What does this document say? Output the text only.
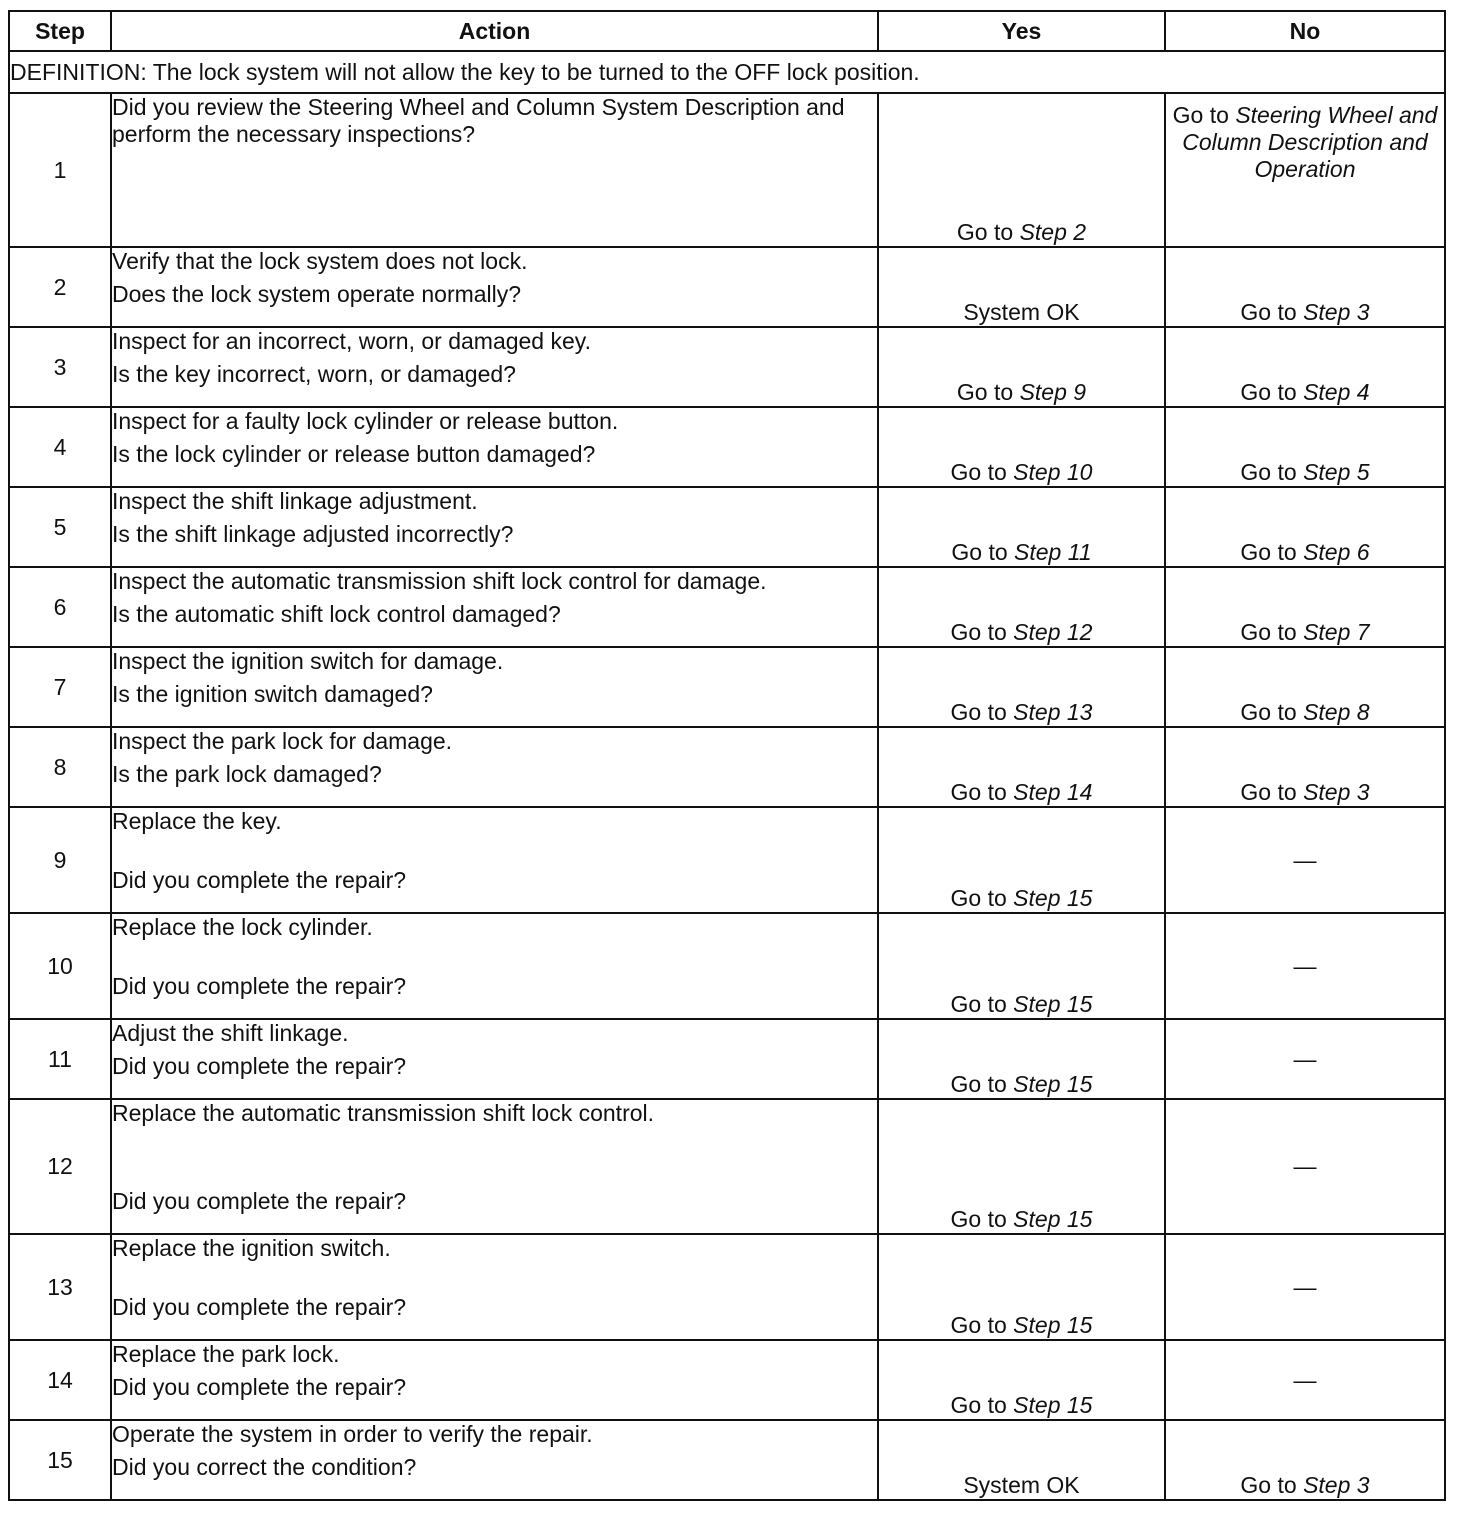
Step	Action	Yes	No
DEFINITION: The lock system will not allow the key to be turned to the OFF lock position.			
1	Did you review the Steering Wheel and Column System Description and perform the necessary inspections?	Go to Step 2	Go to Steering Wheel and Column Description and Operation
2	Verify that the lock system does not lock.

Does the lock system operate normally?	System OK	Go to Step 3
3	Inspect for an incorrect, worn, or damaged key.

Is the key incorrect, worn, or damaged?	Go to Step 9	Go to Step 4
4	Inspect for a faulty lock cylinder or release button.

Is the lock cylinder or release button damaged?	Go to Step 10	Go to Step 5
5	Inspect the shift linkage adjustment.

Is the shift linkage adjusted incorrectly?	Go to Step 11	Go to Step 6
6	Inspect the automatic transmission shift lock control for damage.

Is the automatic shift lock control damaged?	Go to Step 12	Go to Step 7
7	Inspect the ignition switch for damage.

Is the ignition switch damaged?	Go to Step 13	Go to Step 8
8	Inspect the park lock for damage.

Is the park lock damaged?	Go to Step 14	Go to Step 3
9	Replace the key.

Did you complete the repair?	Go to Step 15	—
10	Replace the lock cylinder.

Did you complete the repair?	Go to Step 15	—
11	Adjust the shift linkage.

Did you complete the repair?	Go to Step 15	—
12	Replace the automatic transmission shift lock control.

Did you complete the repair?	Go to Step 15	—
13	Replace the ignition switch.

Did you complete the repair?	Go to Step 15	—
14	Replace the park lock.

Did you complete the repair?	Go to Step 15	—
15	Operate the system in order to verify the repair.

Did you correct the condition?	System OK	Go to Step 3
